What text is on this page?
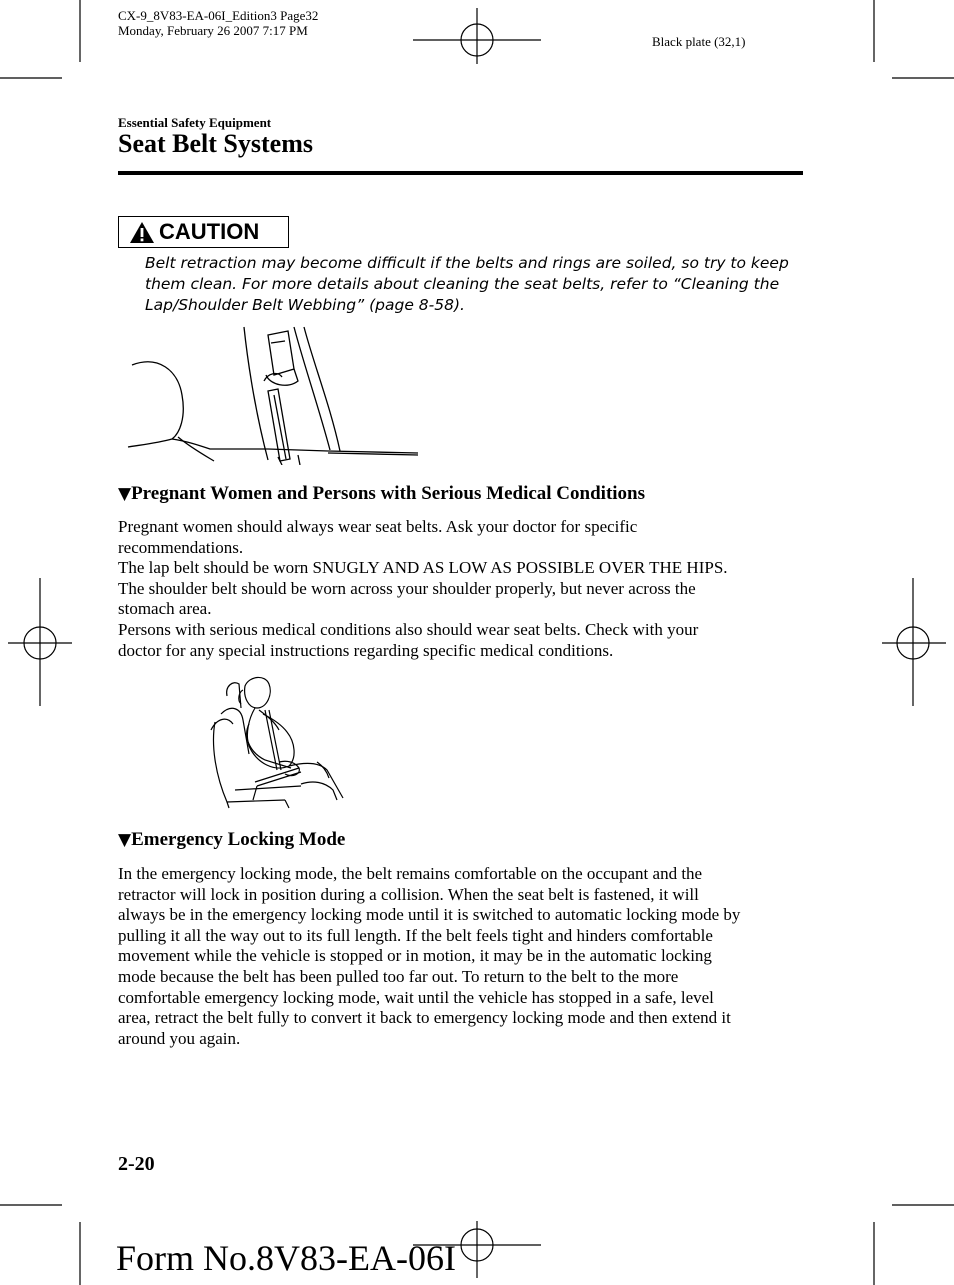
CX-9_8V83-EA-06I_Edition3 Page32
Monday, February 26 2007 7:17 PM
Black plate (32,1)
Essential Safety Equipment
Seat Belt Systems
CAUTION
Belt retraction may become difficult if the belts and rings are soiled, so try to keep
them clean. For more details about cleaning the seat belts, refer to “Cleaning the
Lap/Shoulder Belt Webbing” (page 8-58).
▼Pregnant Women and Persons with Serious Medical Conditions

Pregnant women should always wear seat belts. Ask your doctor for specific

recommendations.

The lap belt should be worn SNUGLY AND AS LOW AS POSSIBLE OVER THE HIPS.

The shoulder belt should be worn across your shoulder properly, but never across the

stomach area.

Persons with serious medical conditions also should wear seat belts. Check with your

doctor for any special instructions regarding specific medical conditions.

▼Emergency Locking Mode

In the emergency locking mode, the belt remains comfortable on the occupant and the

retractor will lock in position during a collision. When the seat belt is fastened, it will

always be in the emergency locking mode until it is switched to automatic locking mode by

pulling it all the way out to its full length. If the belt feels tight and hinders comfortable

movement while the vehicle is stopped or in motion, it may be in the automatic locking

mode because the belt has been pulled too far out. To return to the belt to the more

comfortable emergency locking mode, wait until the vehicle has stopped in a safe, level

area, retract the belt fully to convert it back to emergency locking mode and then extend it

around you again.

2-20
Form No.8V83-EA-06I
